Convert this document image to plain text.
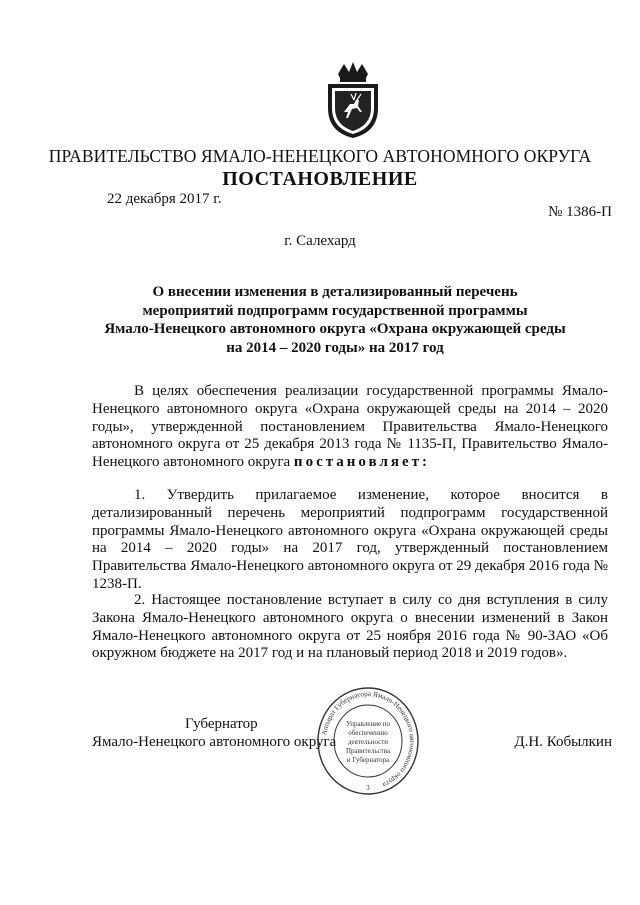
ПРАВИТЕЛЬСТВО ЯМАЛО-НЕНЕЦКОГО АВТОНОМНОГО ОКРУГА
ПОСТАНОВЛЕНИЕ
22 декабря 2017 г.
№ 1386-П
г. Салехард
О внесении изменения в детализированный перечень
мероприятий подпрограмм государственной программы
Ямало-Ненецкого автономного округа «Охрана окружающей среды
на 2014 – 2020 годы» на 2017 год
В целях обеспечения реализации государственной программы Ямало-Ненецкого автономного округа «Охрана окружающей среды на 2014 – 2020 годы», утвержденной постановлением Правительства Ямало-Ненецкого автономного округа от 25 декабря 2013 года № 1135-П, Правительство Ямало-Ненецкого автономного округа постановляет:
1. Утвердить прилагаемое изменение, которое вносится в детализированный перечень мероприятий подпрограмм государственной программы Ямало-Ненецкого автономного округа «Охрана окружающей среды на 2014 – 2020 годы» на 2017 год, утвержденный постановлением Правительства Ямало-Ненецкого автономного округа от 29 декабря 2016 года № 1238-П.
2. Настоящее постановление вступает в силу со дня вступления в силу Закона Ямало-Ненецкого автономного округа о внесении изменений в Закон Ямало-Ненецкого автономного округа от 25 ноября 2016 года № 90-ЗАО «Об окружном бюджете на 2017 год и на плановый период 2018 и 2019 годов».
Губернатор
Ямало-Ненецкого автономного округа	Д.Н. Кобылкин
Аппарат Губернатора Ямало-Ненецкого автономного округа
Управление по
обеспечению
деятельности
Правительства
и Губернатора
3
